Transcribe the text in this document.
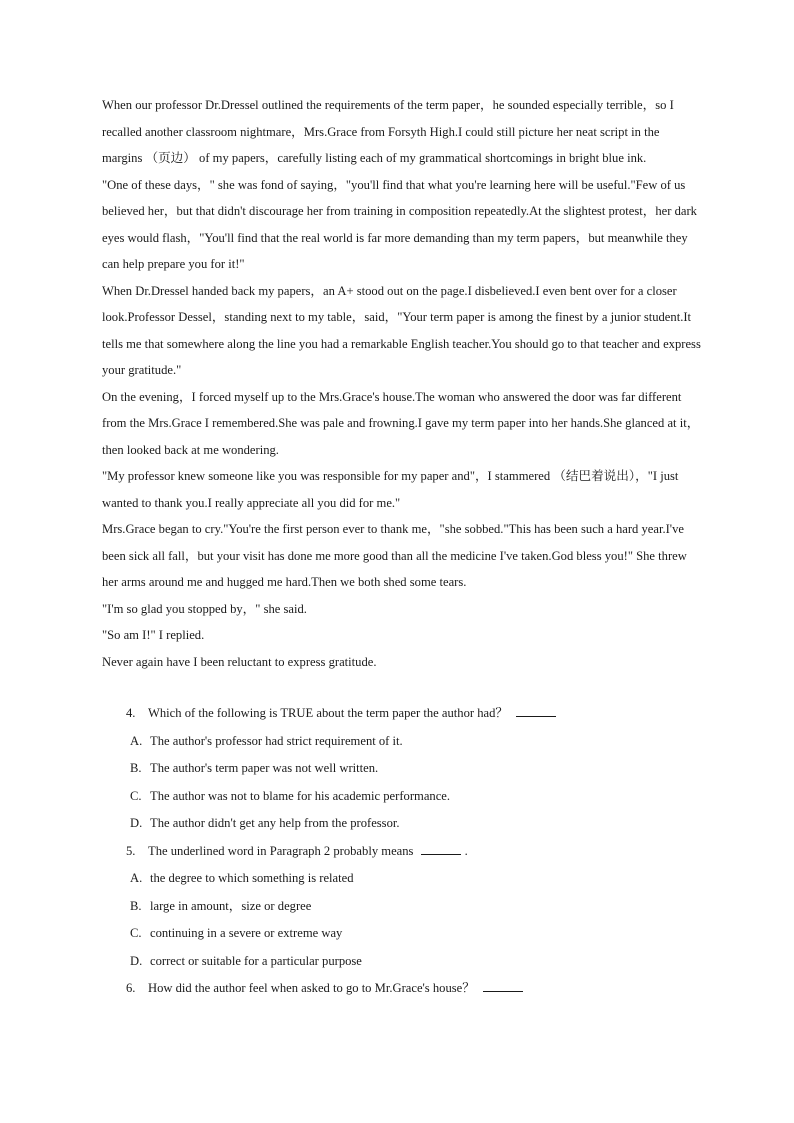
When our professor Dr.Dressel outlined the requirements of the term paper，he sounded especially terrible，so I recalled another classroom nightmare，Mrs.Grace from Forsyth High.I could still picture her neat script in the margins （页边） of my papers，carefully listing each of my grammatical shortcomings in bright blue ink.

"One of these days，" she was fond of saying，"you'll find that what you're learning here will be useful."Few of us believed her，but that didn't discourage her from training in composition repeatedly.At the slightest protest，her dark eyes would flash，"You'll find that the real world is far more demanding than my term papers，but meanwhile they can help prepare you for it!"

When Dr.Dressel handed back my papers，an A+ stood out on the page.I disbelieved.I even bent over for a closer look.Professor Dessel，standing next to my table，said，"Your term paper is among the finest by a junior student.It tells me that somewhere along the line you had a remarkable English teacher.You should go to that teacher and express your gratitude."

On the evening，I forced myself up to the Mrs.Grace's house.The woman who answered the door was far different from the Mrs.Grace I remembered.She was pale and frowning.I gave my term paper into her hands.She glanced at it，then looked back at me wondering.

"My professor knew someone like you was responsible for my paper and"，I stammered （结巴着说出），"I just wanted to thank you.I really appreciate all you did for me."

Mrs.Grace began to cry."You're the first person ever to thank me，"she sobbed."This has been such a hard year.I've been sick all fall，but your visit has done me more good than all the medicine I've taken.God bless you!" She threw her arms around me and hugged me hard.Then we both shed some tears.

"I'm so glad you stopped by，" she said.

"So am I!" I replied.

Never again have I been reluctant to express gratitude.

4. Which of the following is TRUE about the term paper the author had？

A. The author's professor had strict requirement of it.

B. The author's term paper was not well written.

C. The author was not to blame for his academic performance.

D. The author didn't get any help from the professor.

5. The underlined word in Paragraph 2 probably means	.

A. the degree to which something is related

B. large in amount，size or degree

C. continuing in a severe or extreme way

D. correct or suitable for a particular purpose

6. How did the author feel when asked to go to Mr.Grace's house？
